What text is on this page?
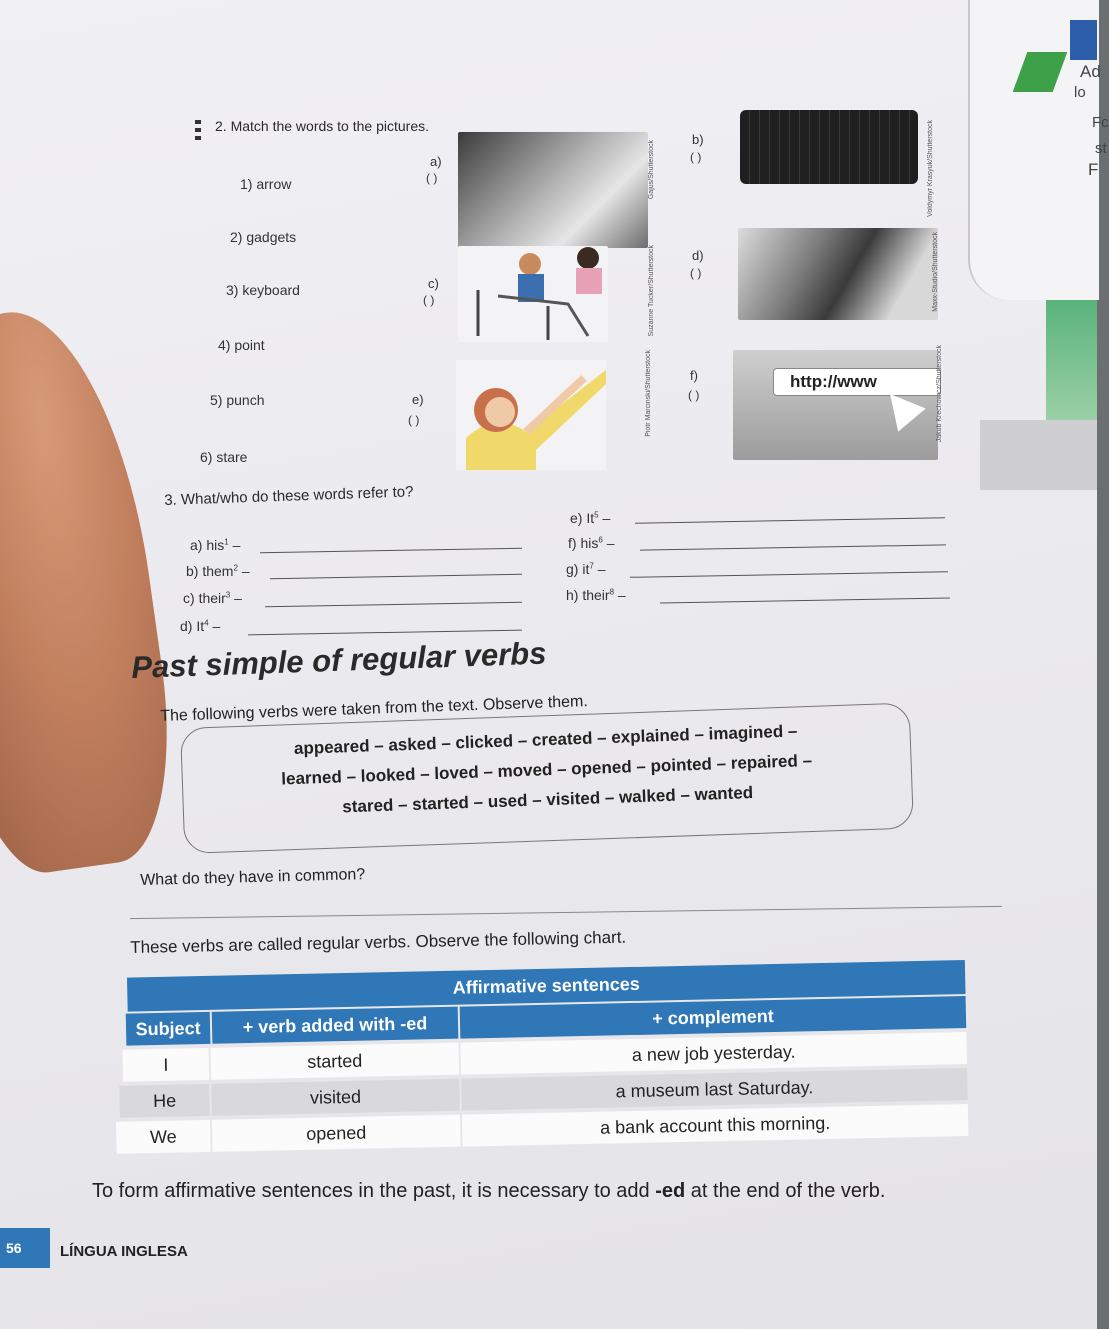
Ad
lo
Fc
st
F
2. Match the words to the pictures.
1) arrow
2) gadgets
3) keyboard
4) point
5) punch
6) stare
a)
( )
b)
( )
c)
( )
d)
( )
e)
( )
http://www
f)
( )
Gajus/Shutterstock	Voldymyr Krasyuk/Shutterstock
Suzanne Tucker/Shutterstock	Maxx-Studio/Shutterstock
Piotr Marcinski/Shutterstock	Jakub Krechowicz/Shutterstock
3. What/who do these words refer to?
a) his$^1$ –
b) them$^2$ –
c) their$^3$ –
d) It$^4$ –
e) It$^5$ –
f) his$^6$ –
g) $it^7$ –
h) their$^8$ –
Past simple of regular verbs
The following verbs were taken from the text. Observe them.
appeared – asked – clicked – created – explained – imagined –
learned – looked – loved – moved – opened – pointed – repaired –
stared – started – used – visited – walked – wanted
What do they have in common?
These verbs are called regular verbs. Observe the following chart.
Affirmative sentences
Subject	+ verb added with -ed	+ complement
I	started	a new job yesterday.
He	visited	a museum last Saturday.
We	opened	a bank account this morning.
To form affirmative sentences in the past, it is necessary to add -ed at the end of the verb.
56	LÍNGUA INGLESA
